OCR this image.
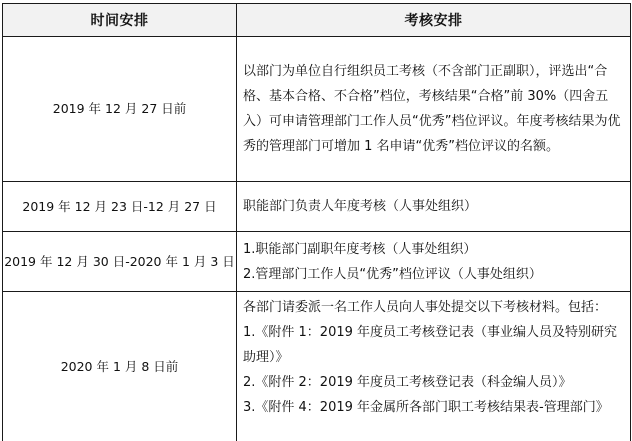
时间安排	考核安排
2019 年 12 月 27 日前	以部门为单位自行组织员工考核（不含部门正副职），评选出“合格、基本合格、不合格”档位，考核结果“合格”前 30%（四舍五入）可申请管理部门工作人员“优秀”档位评议。年度考核结果为优秀的管理部门可增加 1 名申请“优秀”档位评议的名额。

2019 年 12 月 23 日-12 月 27 日	职能部门负责人年度考核（人事处组织）

2019 年 12 月 30 日-2020 年 1 月 3 日	1.职能部门副职年度考核（人事处组织）
2.管理部门工作人员“优秀”档位评议（人事处组织）

2020 年 1 月 8 日前	各部门请委派一名工作人员向人事处提交以下考核材料。包括：
1.《附件 1：2019 年度员工考核登记表（事业编人员及特别研究助理）》
2.《附件 2：2019 年度员工考核登记表（科金编人员）》
3.《附件 4：2019 年金属所各部门职工考核结果表-管理部门》
